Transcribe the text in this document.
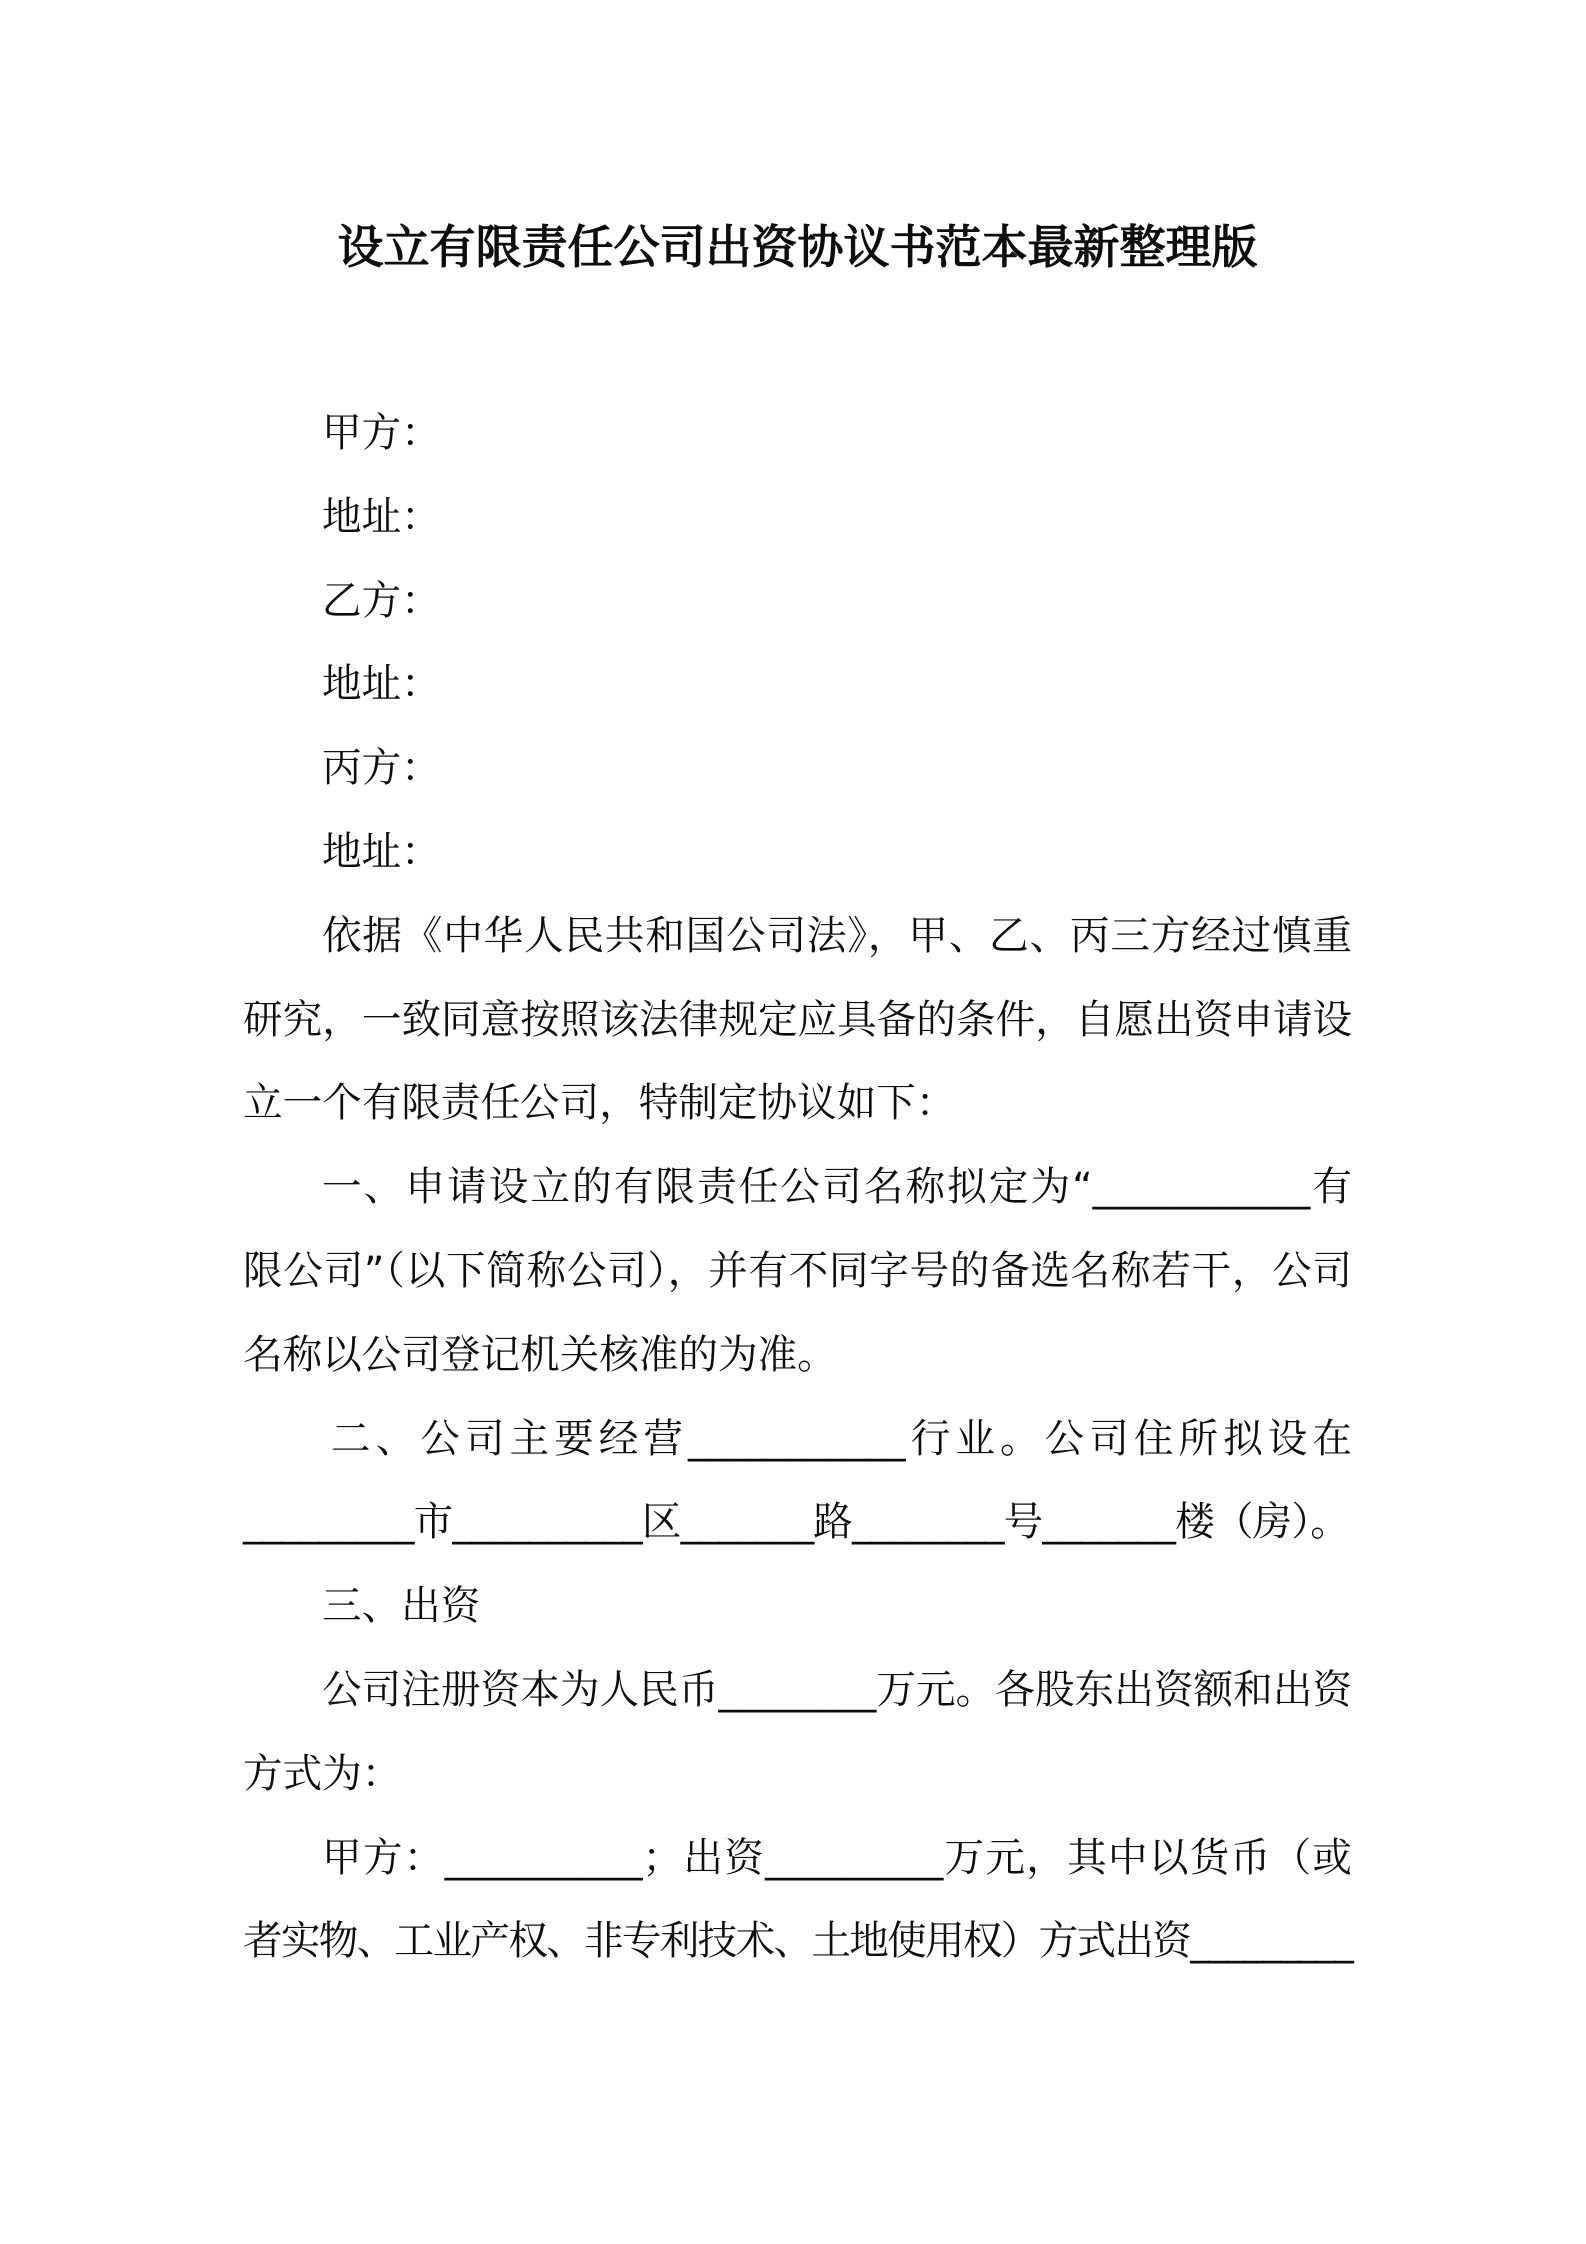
设立有限责任公司出资协议书范本最新整理版
甲方：
地址：
乙方：
地址：
丙方：
地址：
依据《中华人民共和国公司法》，甲、乙、丙三方经过慎重
研究，一致同意按照该法律规定应具备的条件，自愿出资申请设
立一个有限责任公司，特制定协议如下：
一、申请设立的有限责任公司名称拟定为“___________有
限公司”（以下简称公司），并有不同字号的备选名称若干，公司
名称以公司登记机关核准的为准。
二、公司主要经营___________行业。公司住所拟设在
_________市__________区_______路________号_______楼（房）。
三、出资
公司注册资本为人民币________万元。各股东出资额和出资
方式为：
甲方：__________；出资_________万元，其中以货币（或
者实物、工业产权、非专利技术、土地使用权）方式出资_________
